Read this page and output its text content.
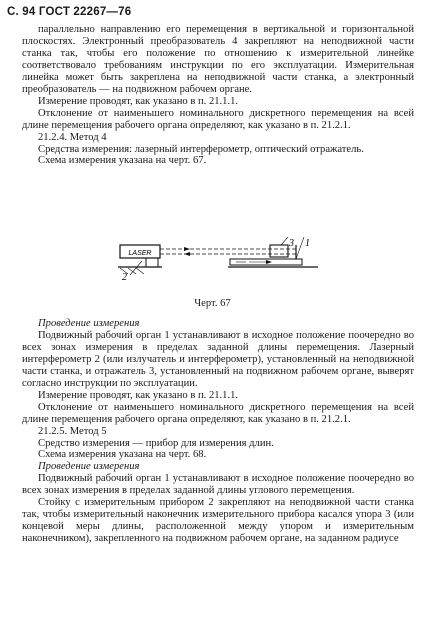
С. 94 ГОСТ 22267—76

параллельно направлению его перемещения в вертикальной и горизонтальной плоскостях. Электронный преобразователь 4 закрепляют на неподвижной части станка так, чтобы его положение по отношению к измерительной линейке соответствовало требованиям инструкции по его эксплуатации. Измерительная линейка может быть закреплена на неподвижной части станка, а электронный преобразователь — на подвижном рабочем органе.

Измерение проводят, как указано в п. 21.1.1.

Отклонение от наименьшего номинального дискретного перемещения на всей длине перемещения рабочего органа определяют, как указано в п. 21.2.1.

21.2.4. Метод 4

Средства измерения: лазерный интерферометр, оптический отражатель.

Схема измерения указана на черт. 67.

LASER
3 1
2
Черт. 67

Проведение измерения

Подвижный рабочий орган 1 устанавливают в исходное положение поочередно во всех зонах измерения в пределах заданной длины перемещения. Лазерный интерферометр 2 (или излучатель и интерферометр), установленный на неподвижной части станка, и отражатель 3, установленный на подвижном рабочем органе, выверят согласно инструкции по эксплуатации.

Измерение проводят, как указано в п. 21.1.1.

Отклонение от наименьшего номинального дискретного перемещения на всей длине перемещения рабочего органа определяют, как указано в п. 21.2.1.

21.2.5. Метод 5

Средство измерения — прибор для измерения длин.

Схема измерения указана на черт. 68.

Проведение измерения

Подвижный рабочий орган 1 устанавливают в исходное положение поочередно во всех зонах измерения в пределах заданной длины углового перемещения.

Стойку с измерительным прибором 2 закрепляют на неподвижной части станка так, чтобы измерительный наконечник измерительного прибора касался упора 3 (или концевой меры длины, расположенной между упором и измерительным наконечником), закрепленного на подвижном рабочем органе, на заданном радиусе
